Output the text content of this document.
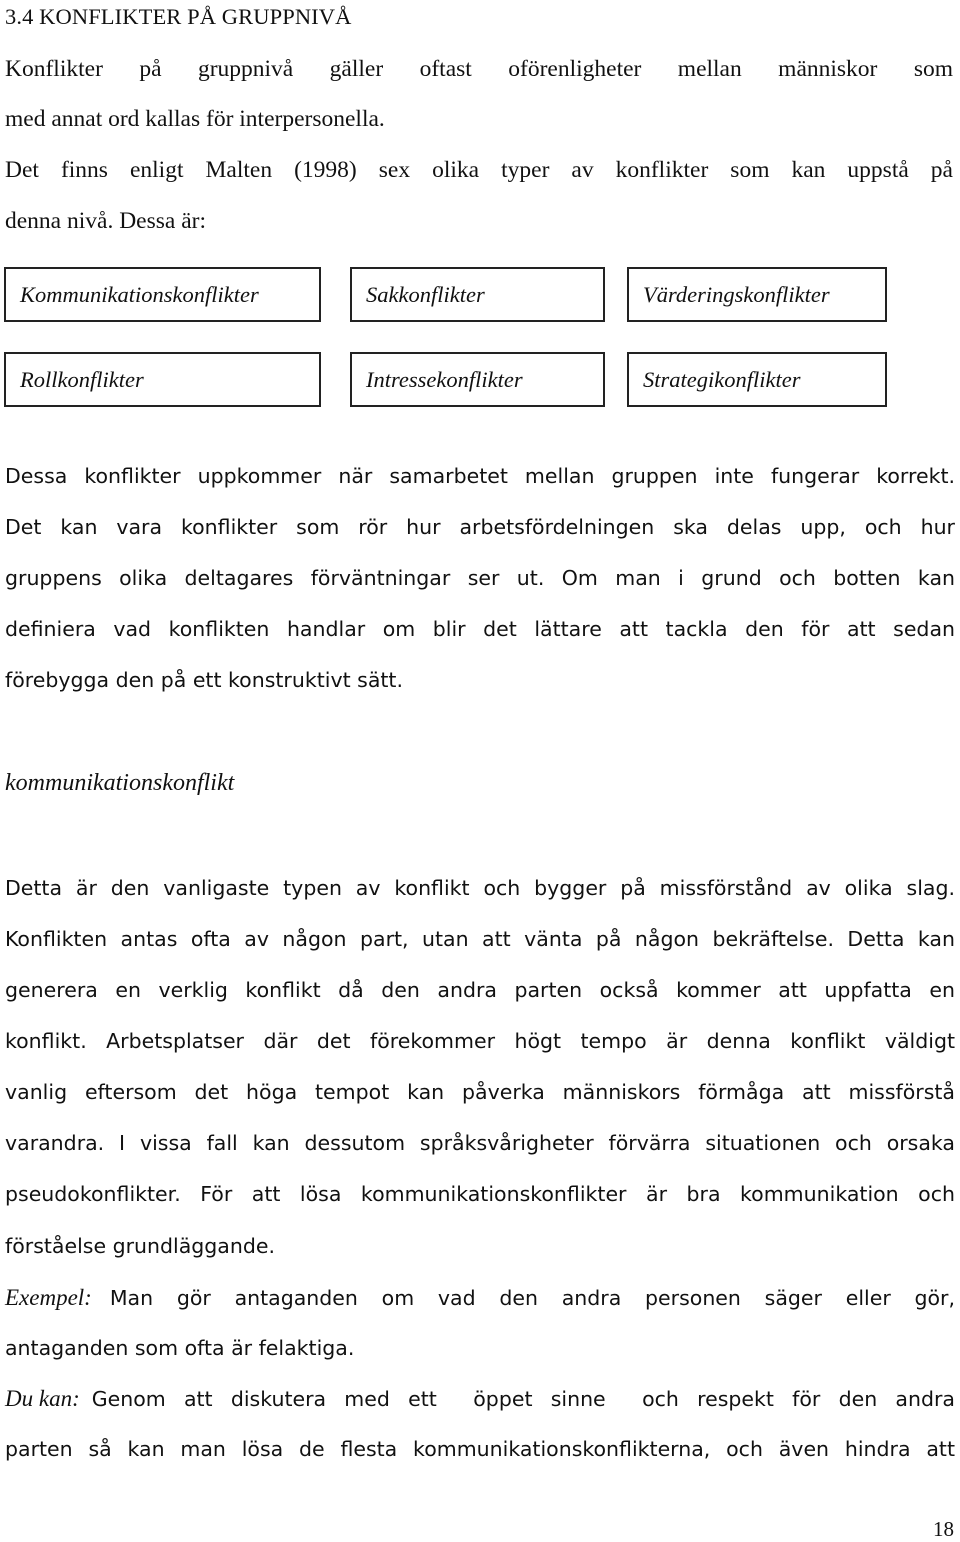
3.4 KONFLIKTER PÅ GRUPPNIVÅ
Konflikter på gruppnivå gäller oftast oförenligheter mellan människor som
med annat ord kallas för interpersonella.
Det finns enligt Malten (1998) sex olika typer av konflikter som kan uppstå på
denna nivå. Dessa är:
Kommunikationskonflikter	Sakkonflikter	Värderingskonflikter
Rollkonflikter	Intressekonflikter	Strategikonflikter
Dessa konflikter uppkommer när samarbetet mellan gruppen inte fungerar korrekt.
Det kan vara konflikter som rör hur arbetsfördelningen ska delas upp, och hur
gruppens olika deltagares förväntningar ser ut. Om man i grund och botten kan
definiera vad konflikten handlar om blir det lättare att tackla den för att sedan
förebygga den på ett konstruktivt sätt.
kommunikationskonflikt
Detta är den vanligaste typen av konflikt och bygger på missförstånd av olika slag.
Konflikten antas ofta av någon part, utan att vänta på någon bekräftelse. Detta kan
generera en verklig konflikt då den andra parten också kommer att uppfatta en
konflikt. Arbetsplatser där det förekommer högt tempo är denna konflikt väldigt
vanlig eftersom det höga tempot kan påverka människors förmåga att missförstå
varandra. I vissa fall kan dessutom språksvårigheter förvärra situationen och orsaka
pseudokonflikter. För att lösa kommunikationskonflikter är bra kommunikation och
förståelse grundläggande.
Exempel: Man gör antaganden om vad den andra personen säger eller gör,
antaganden som ofta är felaktiga.
Du kan: Genom att diskutera med ett  öppet sinne  och respekt för den andra
parten så kan man lösa de flesta kommunikationskonflikterna, och även hindra att
18
